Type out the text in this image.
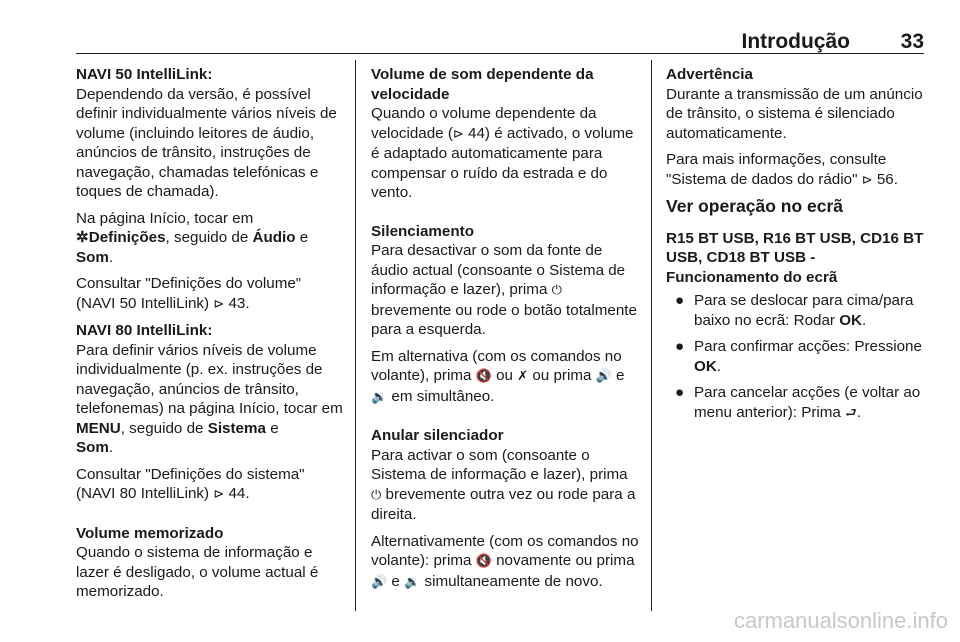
Introdução 33
NAVI 50 IntelliLink:

Dependendo da versão, é possível definir individualmente vários níveis de volume (incluindo leitores de áudio, anúncios de trânsito, instruções de navegação, chamadas telefónicas e toques de chamada).

Na página Início, tocar em
✲Definições, seguido de Áudio e
Som.

Consultar "Definições do volume" (NAVI 50 IntelliLink) ⊳ 43.

NAVI 80 IntelliLink:

Para definir vários níveis de volume individualmente (p. ex. instruções de navegação, anúncios de trânsito, telefonemas) na página Início, tocar em MENU, seguido de Sistema e
Som.

Consultar "Definições do sistema" (NAVI 80 IntelliLink) ⊳ 44.

Volume memorizado

Quando o sistema de informação e lazer é desligado, o volume actual é memorizado.

Volume de som dependente da velocidade

Quando o volume dependente da velocidade (⊳ 44) é activado, o volume é adaptado automaticamente para compensar o ruído da estrada e do vento.

Silenciamento

Para desactivar o som da fonte de áudio actual (consoante o Sistema de informação e lazer), prima ⏻ brevemente ou rode o botão totalmente para a esquerda.

Em alternativa (com os comandos no volante), prima 🔇 ou ✗ ou prima 🔊 e
🔉 em simultâneo.

Anular silenciador

Para activar o som (consoante o Sistema de informação e lazer), prima ⏻ brevemente outra vez ou rode para a direita.

Alternativamente (com os comandos no volante): prima 🔇 novamente ou prima 🔊 e 🔉 simultaneamente de novo.

Advertência

Durante a transmissão de um anúncio de trânsito, o sistema é silenciado automaticamente.

Para mais informações, consulte "Sistema de dados do rádio" ⊳ 56.

Ver operação no ecrã
R15 BT USB, R16 BT USB, CD16 BT USB, CD18 BT USB - Funcionamento do ecrã
● Para se deslocar para cima/para baixo no ecrã: Rodar OK.
● Para confirmar acções: Pressione OK.
● Para cancelar acções (e voltar ao menu anterior): Prima ⮐.
carmanualsonline.info
